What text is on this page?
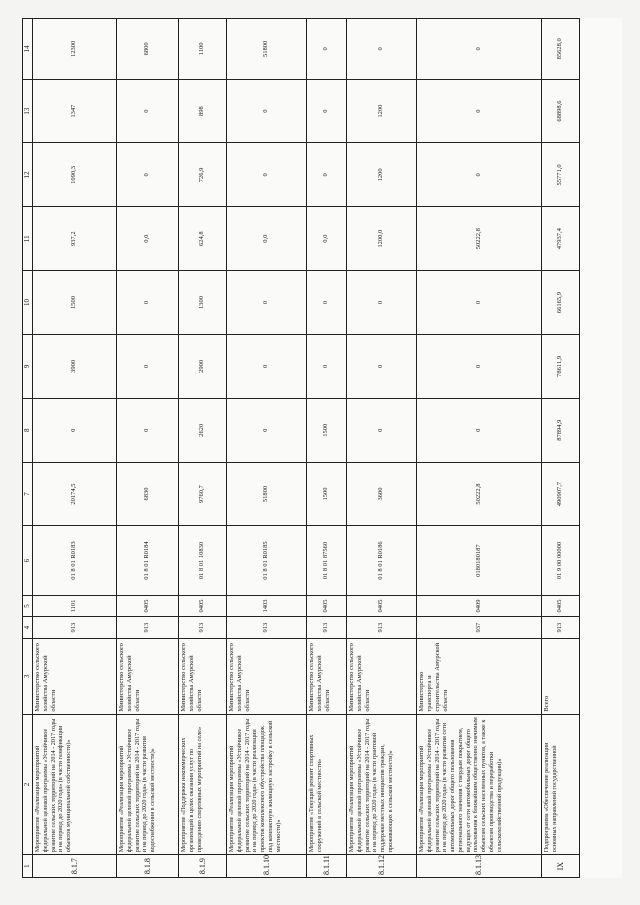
1	2	3	4	5	6	7	8	9	10	11	12	13	14
8.1.7	Мероприятие «Реализация мероприятий федеральной целевой программы «Устойчивое развитие сельских территорий на 2014 - 2017 годы и на период до 2020 года» (в части газификации объектов муниципальной собственности)»	Министерство сельского хозяйства Амурской области	913	1101	01 8 01 R0183	20174,5	0	3900	1500	937,2	1090,3	1347	12300
8.1.8	Мероприятие «Реализация мероприятий федеральной целевой программы «Устойчивое развитие сельских территорий на 2014 - 2017 годы и на период до 2020 года» (в части развития водоснабжения в сельской местности)»	Министерство сельского хозяйства Амурской области	913	0405	01 8 01 R0184	6830	0	0	0	0,0	0	0	6800
8.1.9	Мероприятие «Поддержка некоммерческих организаций в целях оказания услуг по проведению спортивных мероприятий на селе»	Министерство сельского хозяйства Амурской области	913	0405	01 8 01 10830	9760,7	2620	2900	1300	624,8	726,9	898	1100
8.1.10	Мероприятие «Реализация мероприятий федеральной целевой программы «Устойчивое развитие сельских территорий на 2014 - 2017 годы и на период до 2020 года» (в части реализации проектов комплексного обустройства площадок под компактную жилищную застройку в сельской местности)»	Министерство сельского хозяйства Амурской области	913	1403	01 8 01 R0185	51800	0	0	0	0,0	0	0	51800
8.1.11	Мероприятие «Текущий ремонт спортивных сооружений в сельской местности»	Министерство сельского хозяйства Амурской области	913	0405	01 8 01 87560	1500	1500	0	0	0,0	0	0	0
8.1.12	Мероприятие «Реализация мероприятий федеральной целевой программы «Устойчивое развитие сельских территорий на 2014 - 2017 годы и на период до 2020 года» (в части грантовой поддержки местных инициатив граждан, проживающих в сельской местности)»	Министерство сельского хозяйства Амурской области	913	0405	01 8 01 R0186	3600	0	0	0	1200,0	1200	1200	0
8.1.13	Мероприятие «Реализация мероприятий федеральной целевой программы «Устойчивое развитие сельских территорий на 2014 - 2017 годы и на период до 2020 года» (в части развития сети автомобильных дорог общего пользования регионального значения с твердым покрытием, ведущих от сети автомобильных дорог общего пользования к ближайшим общественно значимым объектам сельских населенных пунктов, а также к объектам производства и переработки сельскохозяйственной продукции)»	Министерство транспорта и строительства Амурской области	937	0409	0180180187	50222,8	0	0	0	50222,8	0	0	0
IX	Подпрограмма «Обеспечение реализации основных направлений государственной	Всего	913	0405	01 9 00 00000	490907,7	87894,9	78611,9	66165,9	47937,4	55771,0	68898,6	85628,0
